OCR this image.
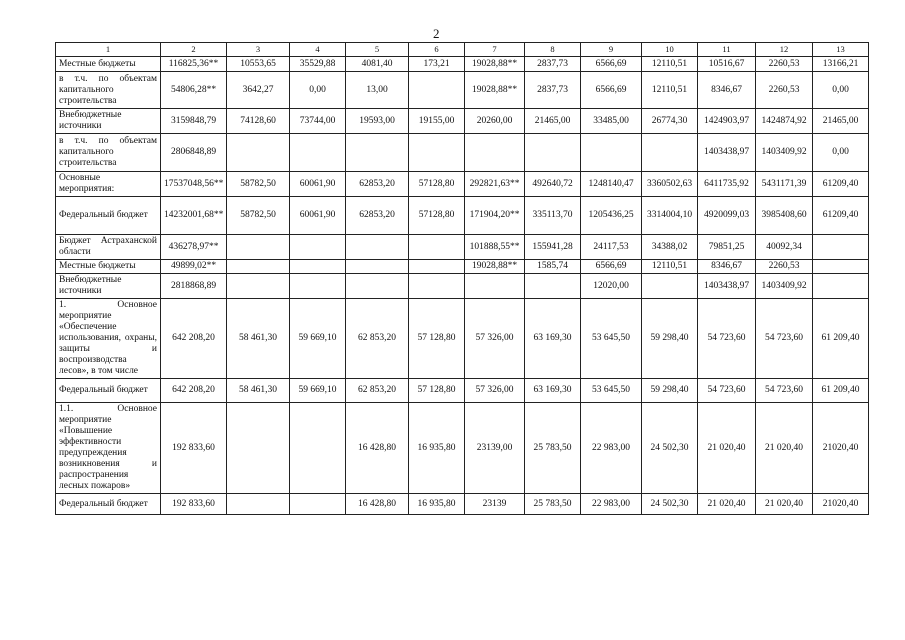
2
1	2	3	4	5	6	7	8	9	10	11	12	13
Местные бюджеты	116825,36**	10553,65	35529,88	4081,40	173,21	19028,88**	2837,73	6566,69	12110,51	10516,67	2260,53	13166,21
в т.ч. по объектам капитального строительства	54806,28**	3642,27	0,00	13,00		19028,88**	2837,73	6566,69	12110,51	8346,67	2260,53	0,00
Внебюджетные источники	3159848,79	74128,60	73744,00	19593,00	19155,00	20260,00	21465,00	33485,00	26774,30	1424903,97	1424874,92	21465,00
в т.ч. по объектам капитального строительства	2806848,89									1403438,97	1403409,92	0,00
Основные мероприятия:	17537048,56**	58782,50	60061,90	62853,20	57128,80	292821,63**	492640,72	1248140,47	3360502,63	6411735,92	5431171,39	61209,40
Федеральный бюджет	14232001,68**	58782,50	60061,90	62853,20	57128,80	171904,20**	335113,70	1205436,25	3314004,10	4920099,03	3985408,60	61209,40
Бюджет Астраханской области	436278,97**					101888,55**	155941,28	24117,53	34388,02	79851,25	40092,34	
Местные бюджеты	49899,02**					19028,88**	1585,74	6566,69	12110,51	8346,67	2260,53	
Внебюджетные источники	2818868,89							12020,00		1403438,97	1403409,92	
1. Основное мероприятие «Обеспечение использования, охраны, защиты и воспроизводства лесов», в том числе	642 208,20	58 461,30	59 669,10	62 853,20	57 128,80	57 326,00	63 169,30	53 645,50	59 298,40	54 723,60	54 723,60	61 209,40
Федеральный бюджет	642 208,20	58 461,30	59 669,10	62 853,20	57 128,80	57 326,00	63 169,30	53 645,50	59 298,40	54 723,60	54 723,60	61 209,40
1.1. Основное мероприятие «Повышение эффективности предупреждения возникновения и распространения лесных пожаров»	192 833,60			16 428,80	16 935,80	23139,00	25 783,50	22 983,00	24 502,30	21 020,40	21 020,40	21020,40
Федеральный бюджет	192 833,60			16 428,80	16 935,80	23139	25 783,50	22 983,00	24 502,30	21 020,40	21 020,40	21020,40
